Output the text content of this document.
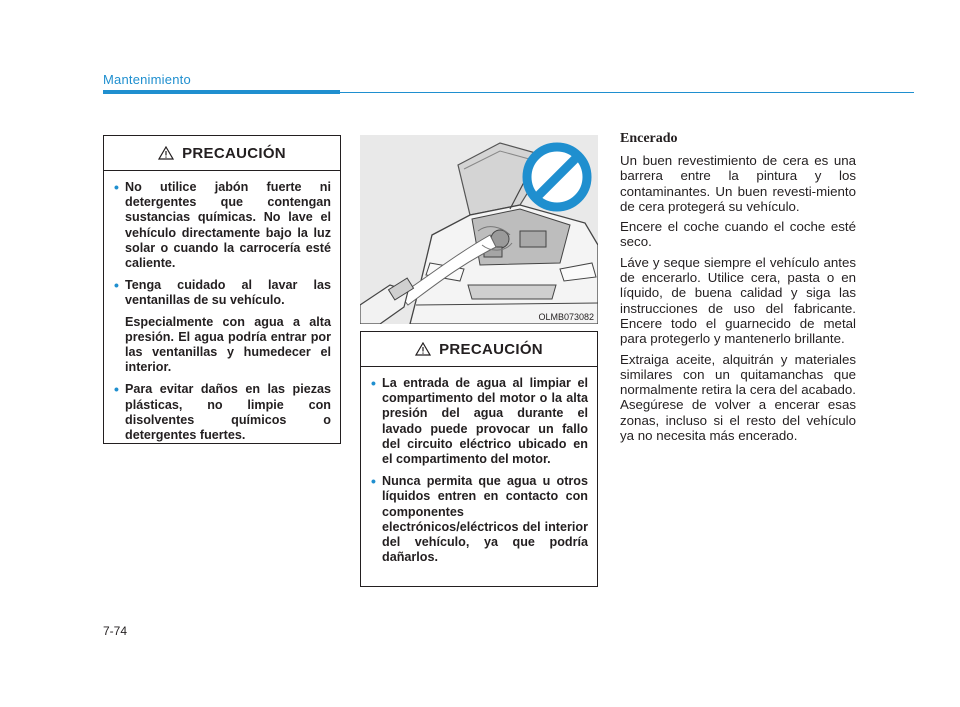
Mantenimiento
PRECAUCIÓN
• No utilice jabón fuerte ni detergentes que contengan sustancias químicas. No lave el vehículo directamente bajo la luz solar o cuando la carrocería esté caliente.

• Tenga cuidado al lavar las ventanillas de su vehículo.

Especialmente con agua a alta presión. El agua podría entrar por las ventanillas y humedecer el interior.

• Para evitar daños en las piezas plásticas, no limpie con disolventes químicos o detergentes fuertes.

OLMB073082
PRECAUCIÓN
• La entrada de agua al limpiar el compartimento del motor o la alta presión del agua durante el lavado puede provocar un fallo del circuito eléctrico ubicado en el compartimento del motor.

• Nunca permita que agua u otros líquidos entren en contacto con componentes electrónicos/eléctricos del interior del vehículo, ya que podría dañarlos.

Encerado

Un buen revestimiento de cera es una barrera entre la pintura y los contaminantes. Un buen revesti-miento de cera protegerá su vehículo.

Encere el coche cuando el coche esté seco.

Láve y seque siempre el vehículo antes de encerarlo. Utilice cera, pasta o en líquido, de buena calidad y siga las instrucciones de uso del fabricante. Encere todo el guarnecido de metal para protegerlo y mantenerlo brillante.

Extraiga aceite, alquitrán y materiales similares con un quitamanchas que normalmente retira la cera del acabado. Asegúrese de volver a encerar esas zonas, incluso si el resto del vehículo ya no necesita más encerado.

7-74
